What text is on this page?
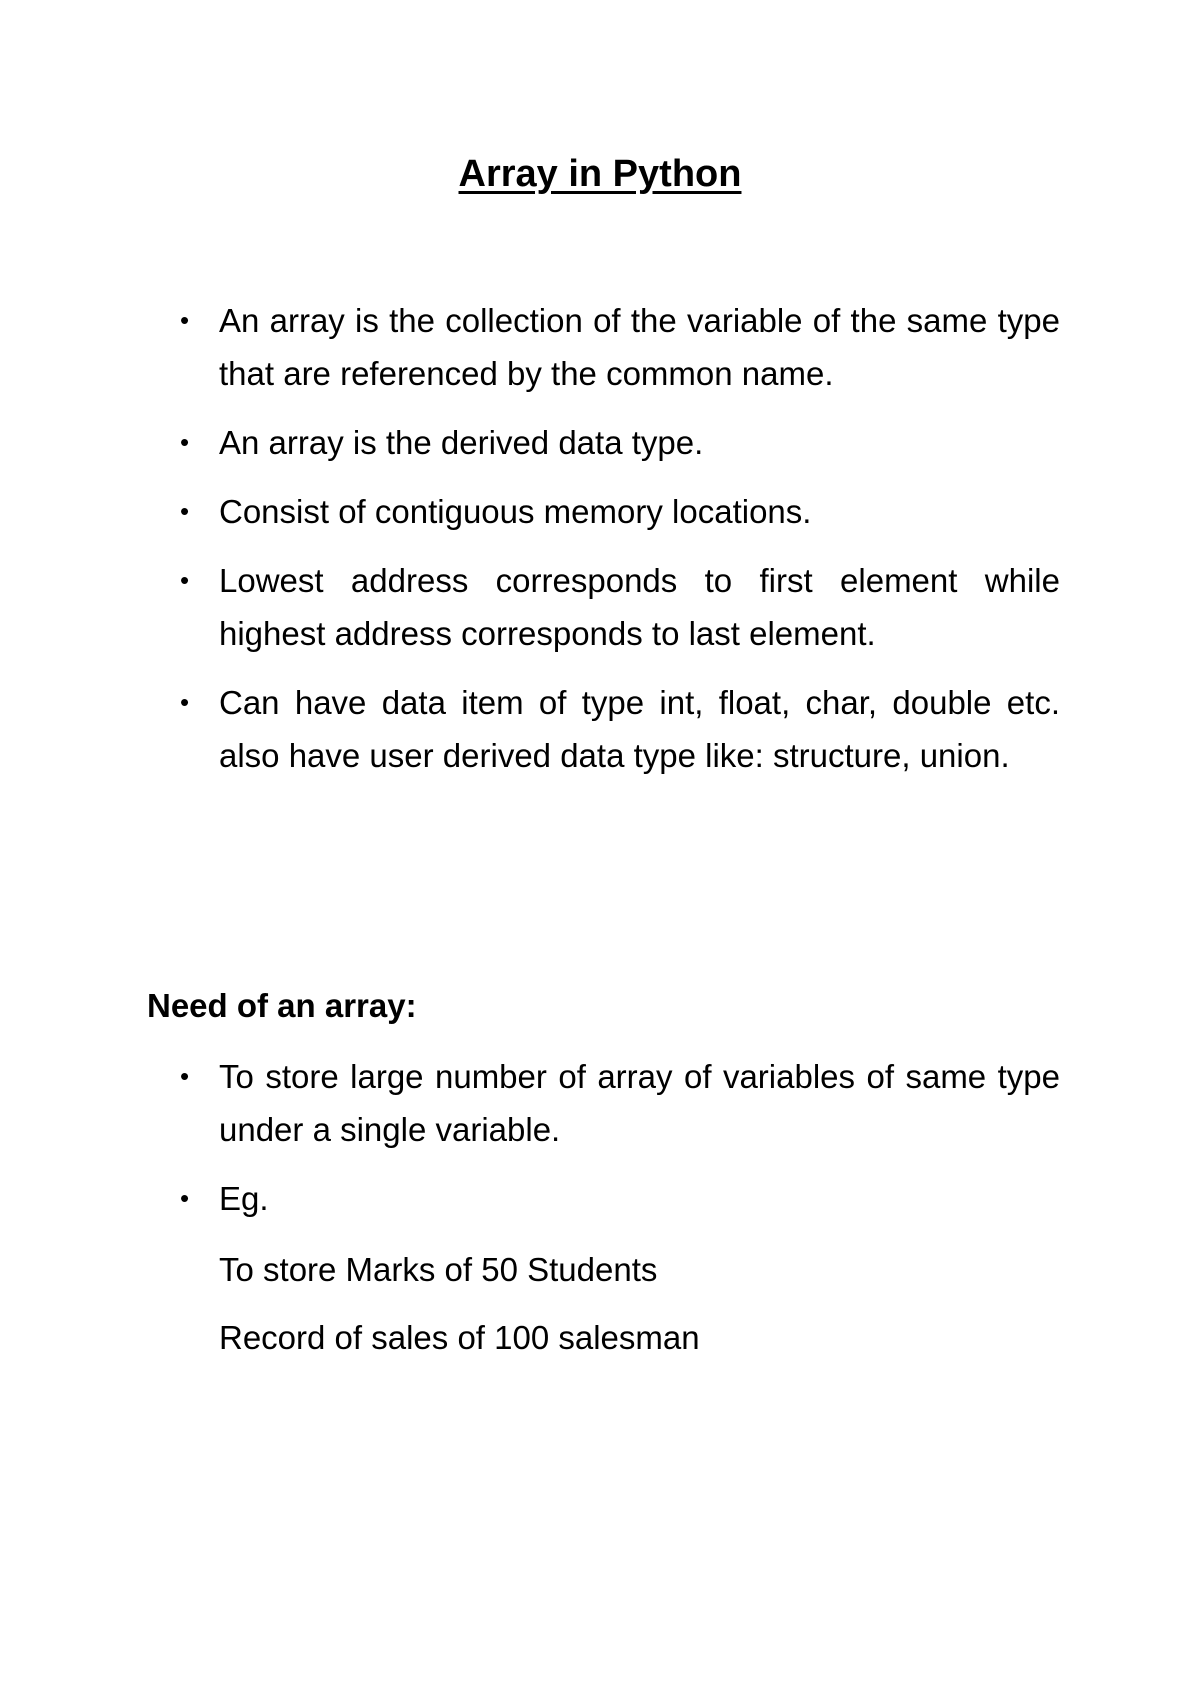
Array in Python
• An array is the collection of the variable of the same type that are referenced by the common name.
• An array is the derived data type.
• Consist of contiguous memory locations.
• Lowest address corresponds to first element while highest address corresponds to last element.
• Can have data item of type int, float, char, double etc. also have user derived data type like: structure, union.
Need of an array:
• To store large number of array of variables of same type under a single variable.
• Eg.

To store Marks of 50 Students

Record of sales of 100 salesman
